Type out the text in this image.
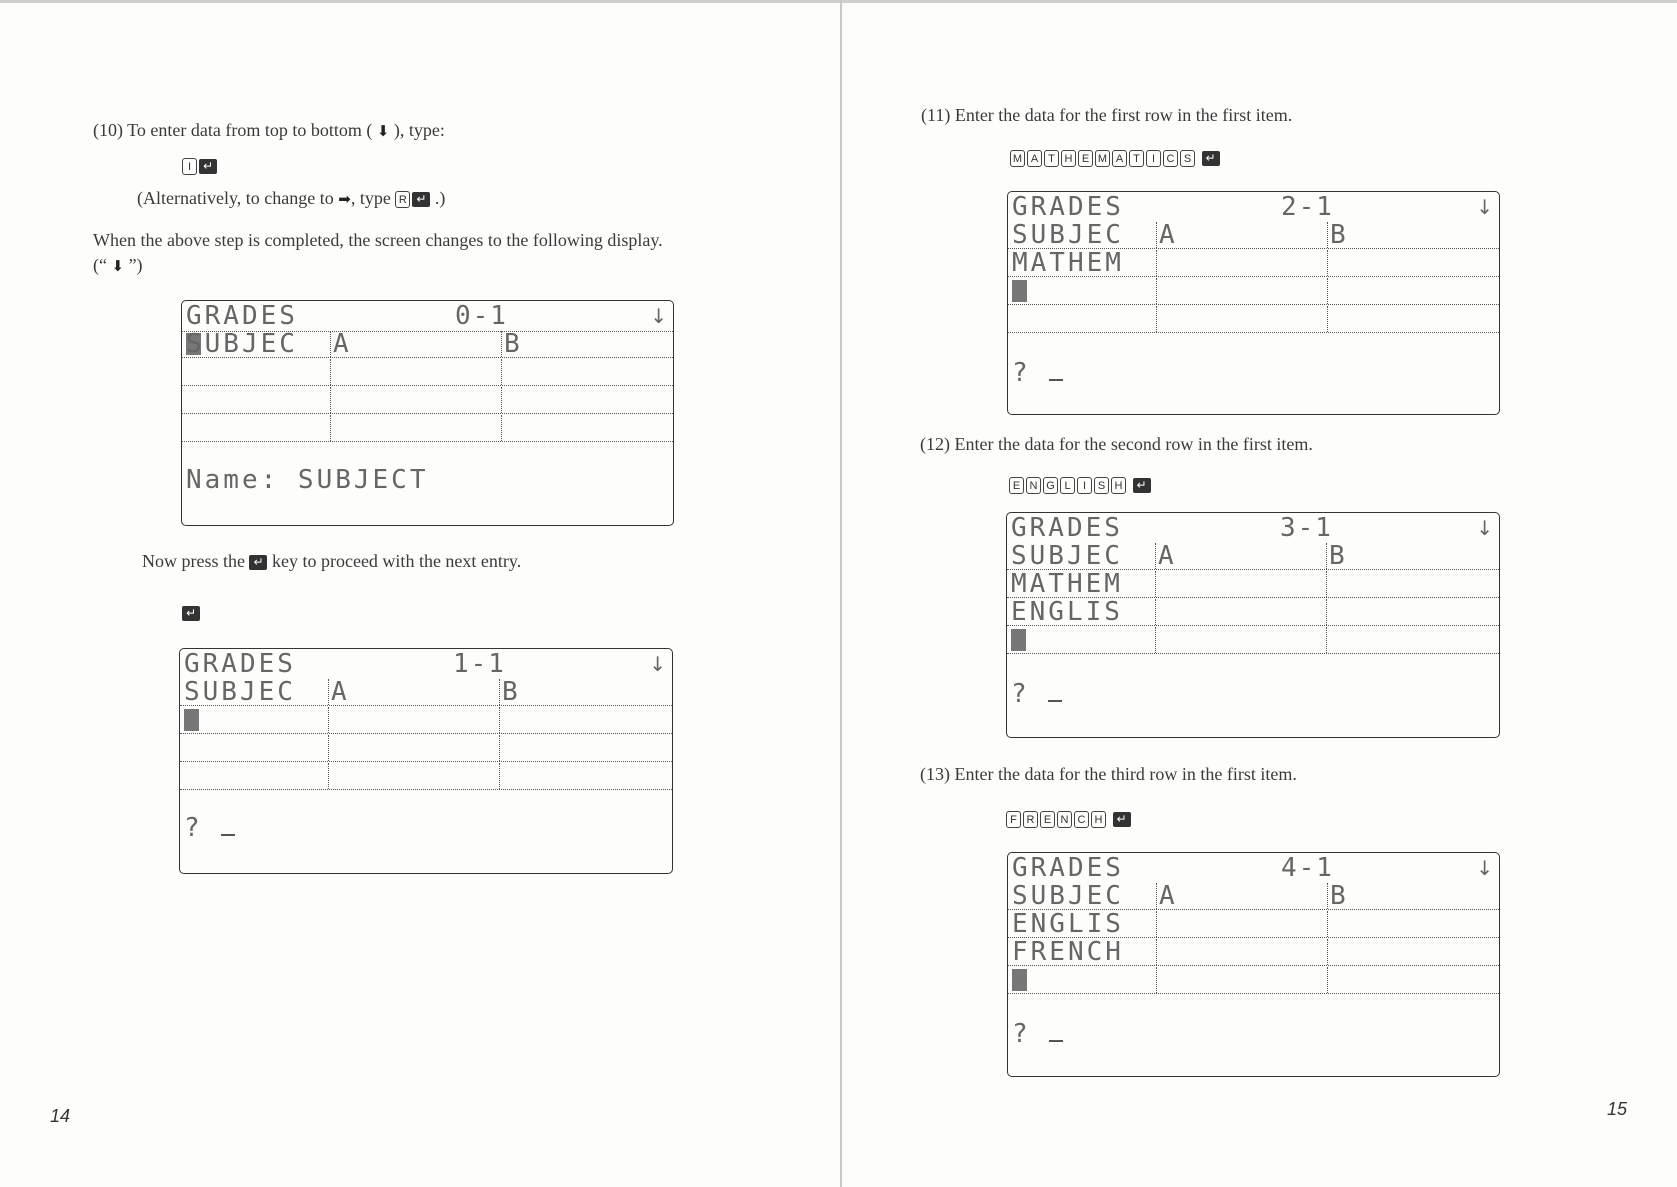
(10) To enter data from top to bottom ( ⬇ ), type:
I ↵
(Alternatively, to change to ➡, type R ↵ .)
When the above step is completed, the screen changes to the following display.
(“ ⬇ ”)
GRADES	0-1	↓
SUBJEC A	B
Name: SUBJECT
Now press the ↵ key to proceed with the next entry.
↵
GRADES	1-1	↓
SUBJEC A	B
?
14
(11) Enter the data for the first row in the first item.
M A T H E M A T I C S ↵
GRADES	2-1	↓
SUBJEC A	B
MATHEM
?
(12) Enter the data for the second row in the first item.
E N G L I S H ↵
GRADES	3-1	↓
SUBJEC A	B
MATHEM
ENGLIS
?
(13) Enter the data for the third row in the first item.
F R E N C H ↵
GRADES	4-1	↓
SUBJEC A	B
ENGLIS
FRENCH
?
15
